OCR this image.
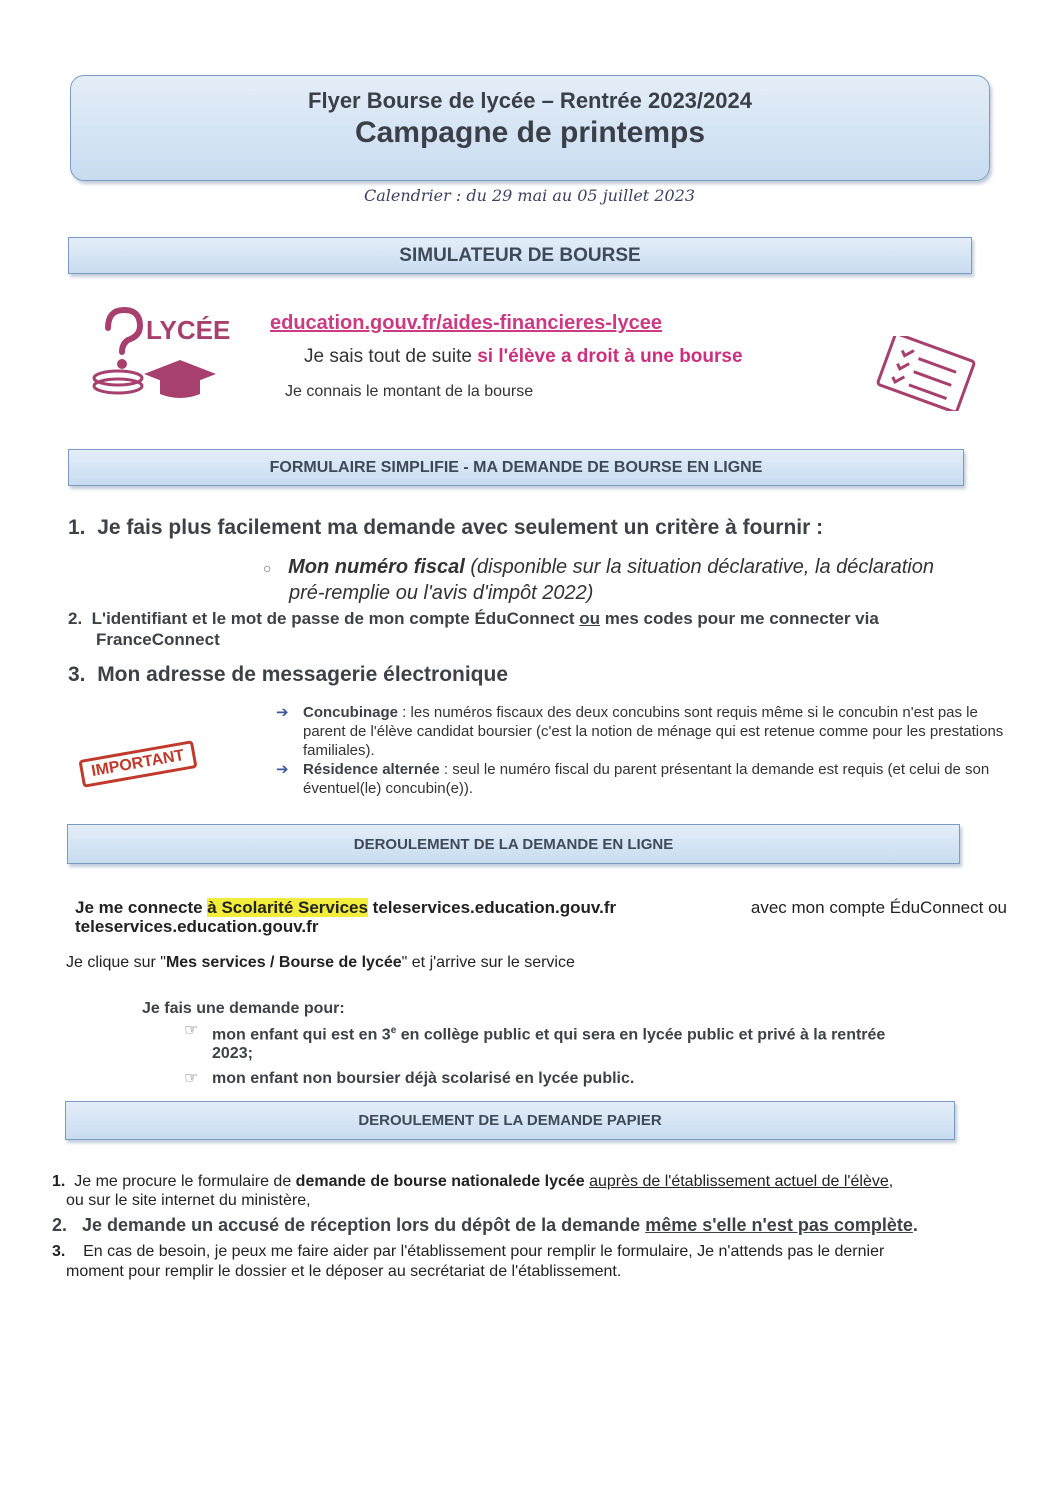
Flyer Bourse de lycée – Rentrée 2023/2024
Campagne de printemps
Calendrier : du 29 mai au 05 juillet 2023
SIMULATEUR DE BOURSE
LYCÉE education.gouv.fr/aides-financieres-lycee
Je sais tout de suite si l'élève a droit à une bourse
Je connais le montant de la bourse
FORMULAIRE SIMPLIFIE - MA DEMANDE DE BOURSE EN LIGNE
1. Je fais plus facilement ma demande avec seulement un critère à fournir :
○ Mon numéro fiscal (disponible sur la situation déclarative, la déclaration
pré-remplie ou l'avis d'impôt 2022)
2. L'identifiant et le mot de passe de mon compte ÉduConnect ou mes codes pour me connecter via
FranceConnect
3. Mon adresse de messagerie électronique
IMPORTANT
➔ Concubinage : les numéros fiscaux des deux concubins sont requis même si le concubin n'est pas le parent de l'élève candidat boursier (c'est la notion de ménage qui est retenue comme pour les prestations familiales).
➔ Résidence alternée : seul le numéro fiscal du parent présentant la demande est requis (et celui de son éventuel(le) concubin(e)).
DEROULEMENT DE LA DEMANDE EN LIGNE
Je me connecte à Scolarité Services teleservices.education.gouv.fr	avec mon compte ÉduConnect ou
teleservices.education.gouv.fr
Je clique sur "Mes services / Bourse de lycée" et j'arrive sur le service
Je fais une demande pour:
☞ mon enfant qui est en 3e en collège public et qui sera en lycée public et privé à la rentrée
2023;
☞ mon enfant non boursier déjà scolarisé en lycée public.
DEROULEMENT DE LA DEMANDE PAPIER
1. Je me procure le formulaire de demande de bourse nationalede lycée auprès de l'établissement actuel de l'élève,
ou sur le site internet du ministère,
2. Je demande un accusé de réception lors du dépôt de la demande même s'elle n'est pas complète.
3. En cas de besoin, je peux me faire aider par l'établissement pour remplir le formulaire, Je n'attends pas le dernier
moment pour remplir le dossier et le déposer au secrétariat de l'établissement.
